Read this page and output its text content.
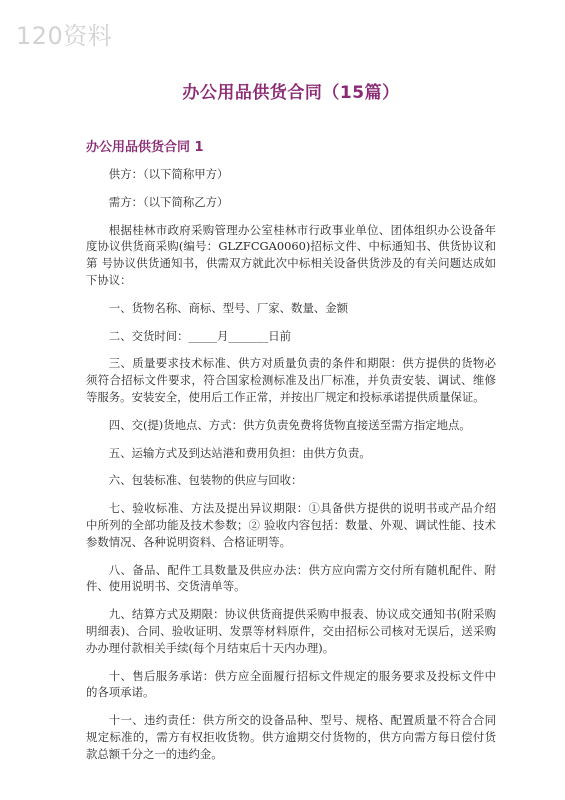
120资料
办公用品供货合同（15篇）
办公用品供货合同 1

供方：（以下简称甲方）

需方：（以下简称乙方）

根据桂林市政府采购管理办公室桂林市行政事业单位、团体组织办公设备年度协议供货商采购(编号：GLZFCGA0060)招标文件、中标通知书、供货协议和第 号协议供货通知书，供需双方就此次中标相关设备供货涉及的有关问题达成如下协议：

一、货物名称、商标、型号、厂家、数量、金额

二、交货时间：_____月_______日前

三、质量要求技术标准、供方对质量负责的条件和期限：供方提供的货物必须符合招标文件要求，符合国家检测标准及出厂标准，并负责安装、调试、维修等服务。安装安全，使用后工作正常，并按出厂规定和投标承诺提供质量保证。

四、交(提)货地点、方式：供方负责免费将货物直接送至需方指定地点。

五、运输方式及到达站港和费用负担：由供方负责。

六、包装标准、包装物的供应与回收：

七、验收标准、方法及提出异议期限：①具备供方提供的说明书或产品介绍中所列的全部功能及技术参数；② 验收内容包括：数量、外观、调试性能、技术参数情况、各种说明资料、合格证明等。

八、备品、配件工具数量及供应办法：供方应向需方交付所有随机配件、附件、使用说明书、交货清单等。

九、结算方式及期限：协议供货商提供采购申报表、协议成交通知书(附采购明细表)、合同、验收证明、发票等材料原件，交由招标公司核对无误后，送采购办办理付款相关手续(每个月结束后十天内办理)。

十、售后服务承诺：供方应全面履行招标文件规定的服务要求及投标文件中的各项承诺。

十一、违约责任：供方所交的设备品种、型号、规格、配置质量不符合合同规定标准的，需方有权拒收货物。供方逾期交付货物的，供方向需方每日偿付货款总额千分之一的违约金。
